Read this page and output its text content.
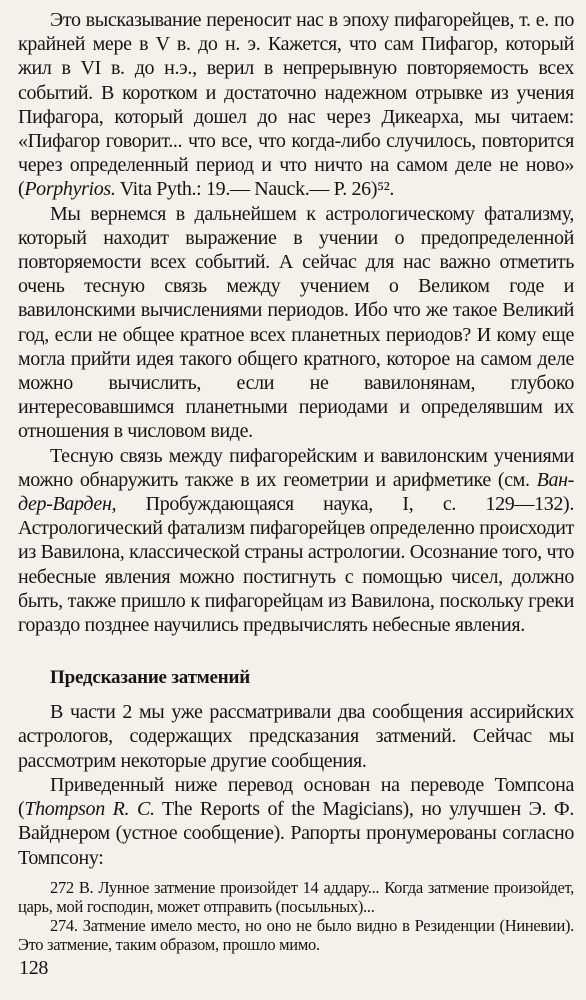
Это высказывание переносит нас в эпоху пифагорейцев, т. е. по крайней мере в V в. до н. э. Кажется, что сам Пифагор, который жил в VI в. до н.э., верил в непрерывную повторяемость всех событий. В коротком и достаточно надежном отрывке из учения Пифагора, который дошел до нас через Дикеарха, мы читаем: «Пифагор говорит... что все, что когда-либо случилось, повторится через определенный период и что ничто на самом деле не ново» (Porphyrios. Vita Pyth.: 19.— Nauck.— P. 26)⁵².

Мы вернемся в дальнейшем к астрологическому фатализму, который находит выражение в учении о предопределенной повторяемости всех событий. А сейчас для нас важно отметить очень тесную связь между учением о Великом годе и вавилонскими вычислениями периодов. Ибо что же такое Великий год, если не общее кратное всех планетных периодов? И кому еще могла прийти идея такого общего кратного, которое на самом деле можно вычислить, если не вавилонянам, глубоко интересовавшимся планетными периодами и определявшим их отношения в числовом виде.

Тесную связь между пифагорейским и вавилонским учениями можно обнаружить также в их геометрии и арифметике (см. Ван-дер-Варден, Пробуждающаяся наука, I, с. 129—132). Астрологический фатализм пифагорейцев определенно происходит из Вавилона, классической страны астрологии. Осознание того, что небесные явления можно постигнуть с помощью чисел, должно быть, также пришло к пифагорейцам из Вавилона, поскольку греки гораздо позднее научились предвычислять небесные явления.

Предсказание затмений

В части 2 мы уже рассматривали два сообщения ассирийских астрологов, содержащих предсказания затмений. Сейчас мы рассмотрим некоторые другие сообщения.

Приведенный ниже перевод основан на переводе Томпсона (Thompson R. C. The Reports of the Magicians), но улучшен Э. Ф. Вайднером (устное сообщение). Рапорты пронумерованы согласно Томпсону:

272 B. Лунное затмение произойдет 14 аддару... Когда затмение произойдет, царь, мой господин, может отправить (посыльных)...

274. Затмение имело место, но оно не было видно в Резиденции (Ниневии). Это затмение, таким образом, прошло мимо.

128
